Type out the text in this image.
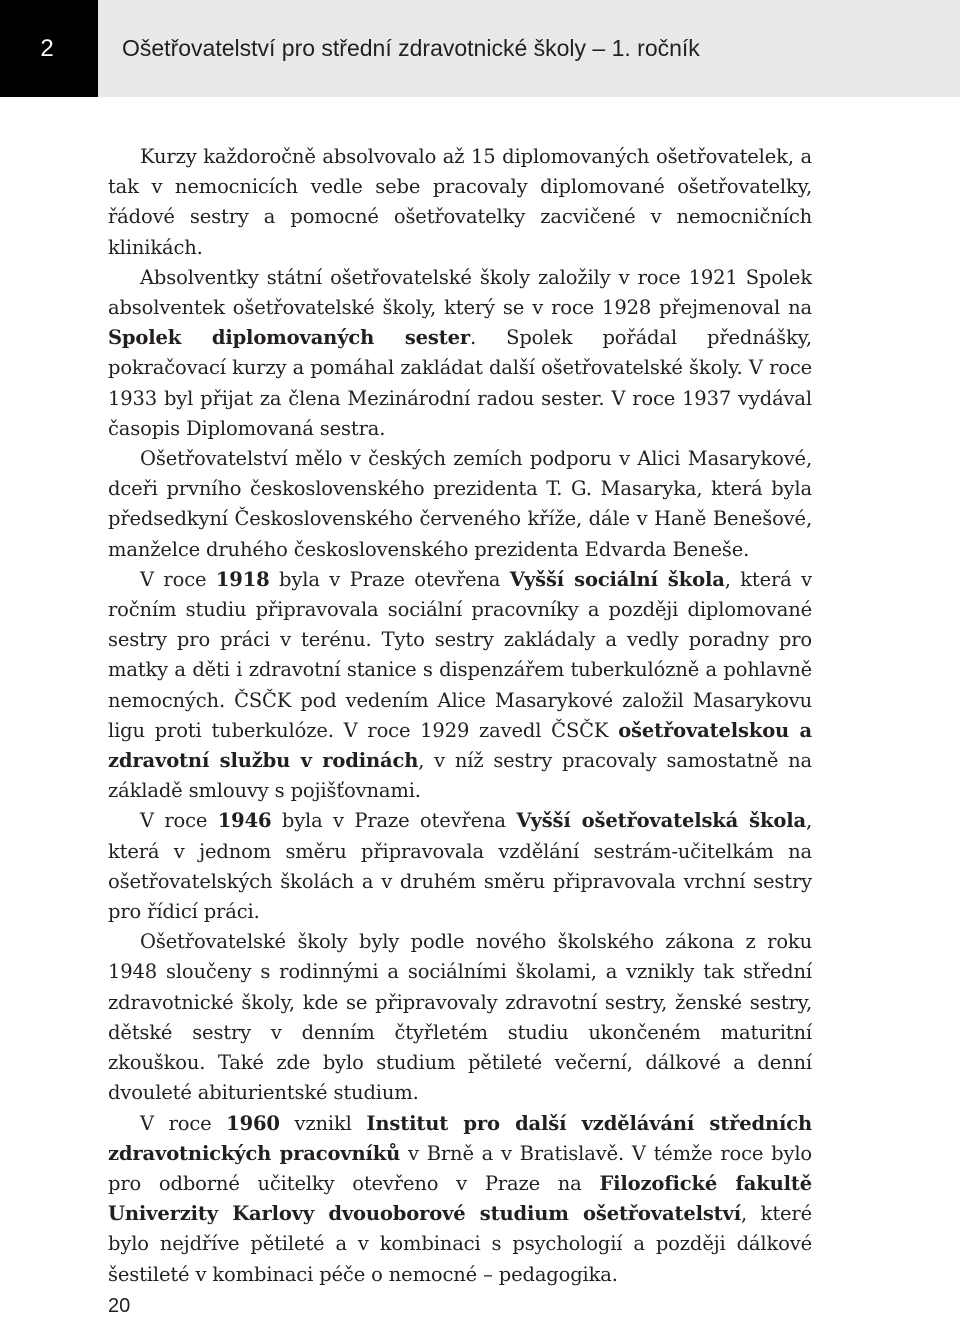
2	Ošetřovatelství pro střední zdravotnické školy – 1. ročník

Kurzy každoročně absolvovalo až 15 diplomovaných ošetřovatelek, a tak v nemocnicích vedle sebe pracovaly diplomované ošetřovatelky, řádové sestry a pomocné ošetřovatelky zacvičené v nemocničních klinikách.

Absolventky státní ošetřovatelské školy založily v roce 1921 Spolek absolventek ošetřovatelské školy, který se v roce 1928 přejmenoval na Spolek diplomovaných sester. Spolek pořádal přednášky, pokračovací kurzy a pomáhal zakládat další ošetřovatelské školy. V roce 1933 byl přijat za člena Mezinárodní radou sester. V roce 1937 vydával časopis Diplomovaná sestra.

Ošetřovatelství mělo v českých zemích podporu v Alici Masarykové, dceři prvního československého prezidenta T. G. Masaryka, která byla předsedkyní Československého červeného kříže, dále v Haně Benešové, manželce druhého československého prezidenta Edvarda Beneše.

V roce 1918 byla v Praze otevřena Vyšší sociální škola, která v ročním studiu připravovala sociální pracovníky a později diplomované sestry pro práci v terénu. Tyto sestry zakládaly a vedly poradny pro matky a děti i zdravotní stanice s dispenzářem tuberkulózně a pohlavně nemocných. ČSČK pod vedením Alice Masarykové založil Masarykovu ligu proti tuberkulóze. V roce 1929 zavedl ČSČK ošetřovatelskou a zdravotní službu v rodinách, v níž sestry pracovaly samostatně na základě smlouvy s pojišťovnami.

V roce 1946 byla v Praze otevřena Vyšší ošetřovatelská škola, která v jednom směru připravovala vzdělání sestrám-učitelkám na ošetřovatelských školách a v druhém směru připravovala vrchní sestry pro řídicí práci.

Ošetřovatelské školy byly podle nového školského zákona z roku 1948 sloučeny s rodinnými a sociálními školami, a vznikly tak střední zdravotnické školy, kde se připravovaly zdravotní sestry, ženské sestry, dětské sestry v denním čtyřletém studiu ukončeném maturitní zkouškou. Také zde bylo studium pětileté večerní, dálkové a denní dvouleté abiturientské studium.

V roce 1960 vznikl Institut pro další vzdělávání středních zdravotnických pracovníků v Brně a v Bratislavě. V témže roce bylo pro odborné učitelky otevřeno v Praze na Filozofické fakultě Univerzity Karlovy dvouoborové studium ošetřovatelství, které bylo nejdříve pětileté a v kombinaci s psychologií a později dálkové šestileté v kombinaci péče o nemocné – pedagogika.

20
